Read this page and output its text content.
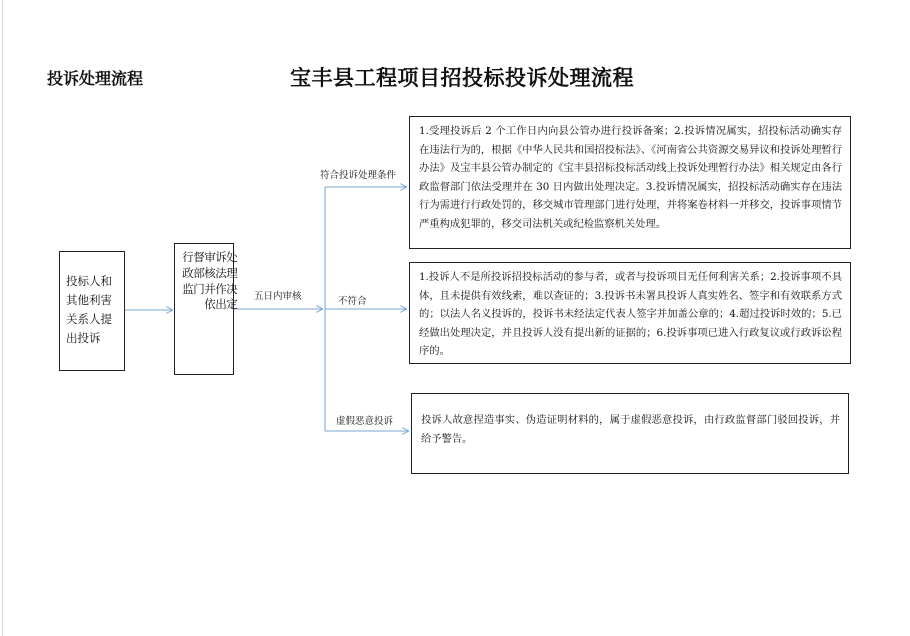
投诉处理流程	宝丰县工程项目招投标投诉处理流程
投标人和其他利害关系人提出投诉
行政监
督部门
审核并依
诉法作出
处理决定
五日内审核
符合投诉处理条件
不符合
虚假恶意投诉
1.受理投诉后 2 个工作日内向县公管办进行投诉备案；2.投诉情况属实，招投标活动确实存在违法行为的，根据《中华人民共和国招投标法》、《河南省公共资源交易异议和投诉处理暂行办法》及宝丰县公管办制定的《宝丰县招标投标活动线上投诉处理暂行办法》相关规定由各行政监督部门依法受理并在 30 日内做出处理决定。3.投诉情况属实，招投标活动确实存在违法行为需进行行政处罚的，移交城市管理部门进行处理，并将案卷材料一并移交，投诉事项情节严重构成犯罪的，移交司法机关或纪检监察机关处理。
1.投诉人不是所投诉招投标活动的参与者，或者与投诉项目无任何利害关系；2.投诉事项不具体，且未提供有效线索，难以查证的；3.投诉书未署具投诉人真实姓名、签字和有效联系方式的；以法人名义投诉的，投诉书未经法定代表人签字并加盖公章的；4.超过投诉时效的；5.已经做出处理决定，并且投诉人没有提出新的证据的；6.投诉事项已进入行政复议或行政诉讼程序的。
投诉人故意捏造事实、伪造证明材料的，属于虚假恶意投诉，由行政监督部门驳回投诉，并给予警告。
